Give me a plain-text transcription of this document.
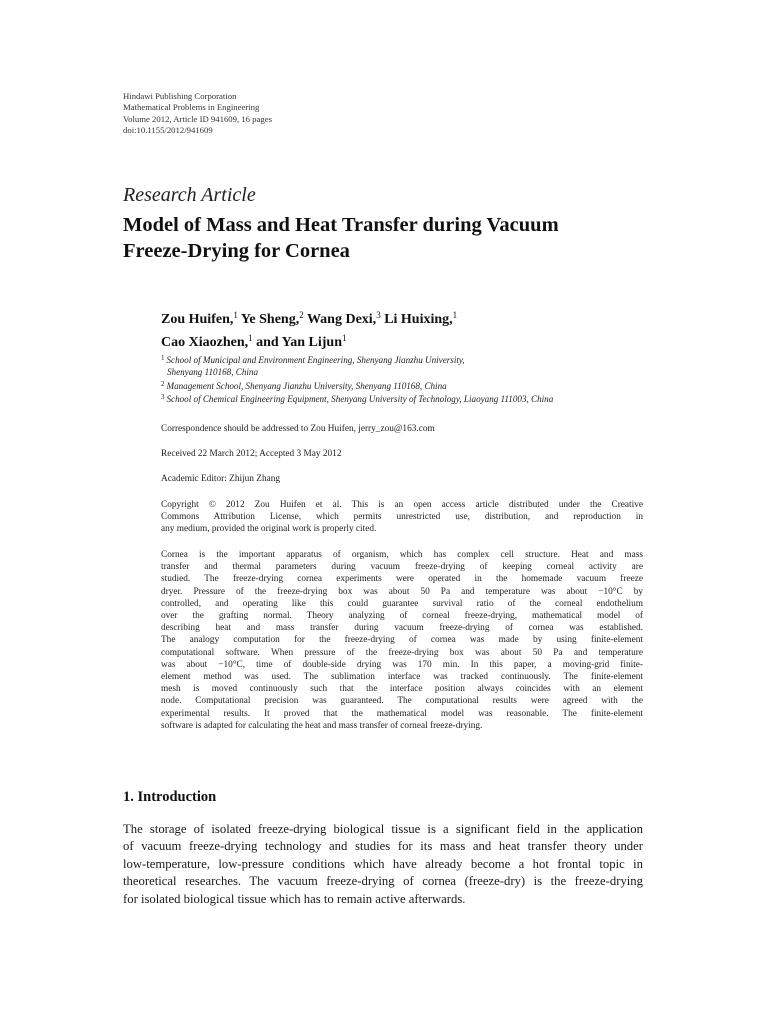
Hindawi Publishing Corporation
Mathematical Problems in Engineering
Volume 2012, Article ID 941609, 16 pages
doi:10.1155/2012/941609
Research Article
Model of Mass and Heat Transfer during Vacuum
Freeze-Drying for Cornea
Zou Huifen,$^1$ Ye Sheng,$^2$ Wang Dexi,$^3$ Li Huixing,$^1$
Cao Xiaozhen,$^1$ and Yan Lijun$^1$
$^1$ School of Municipal and Environment Engineering, Shenyang Jianzhu University,
Shenyang 110168, China
$^2$ Management School, Shenyang Jianzhu University, Shenyang 110168, China
$^3$ School of Chemical Engineering Equipment, Shenyang University of Technology, Liaoyang 111003, China
Correspondence should be addressed to Zou Huifen, jerry_zou@163.com
Received 22 March 2012; Accepted 3 May 2012
Academic Editor: Zhijun Zhang
Copyright © 2012 Zou Huifen et al. This is an open access article distributed under the Creative
Commons Attribution License, which permits unrestricted use, distribution, and reproduction in
any medium, provided the original work is properly cited.
Cornea is the important apparatus of organism, which has complex cell structure. Heat and mass
transfer and thermal parameters during vacuum freeze-drying of keeping corneal activity are
studied. The freeze-drying cornea experiments were operated in the homemade vacuum freeze
dryer. Pressure of the freeze-drying box was about 50 Pa and temperature was about −10°C by
controlled, and operating like this could guarantee survival ratio of the corneal endothelium
over the grafting normal. Theory analyzing of corneal freeze-drying, mathematical model of
describing heat and mass transfer during vacuum freeze-drying of cornea was established.
The analogy computation for the freeze-drying of cornea was made by using finite-element
computational software. When pressure of the freeze-drying box was about 50 Pa and temperature
was about −10°C, time of double-side drying was 170 min. In this paper, a moving-grid finite-
element method was used. The sublimation interface was tracked continuously. The finite-element
mesh is moved continuously such that the interface position always coincides with an element
node. Computational precision was guaranteed. The computational results were agreed with the
experimental results. It proved that the mathematical model was reasonable. The finite-element
software is adapted for calculating the heat and mass transfer of corneal freeze-drying.
1. Introduction
The storage of isolated freeze-drying biological tissue is a significant field in the application
of vacuum freeze-drying technology and studies for its mass and heat transfer theory under
low-temperature, low-pressure conditions which have already become a hot frontal topic in
theoretical researches. The vacuum freeze-drying of cornea (freeze-dry) is the freeze-drying
for isolated biological tissue which has to remain active afterwards.
